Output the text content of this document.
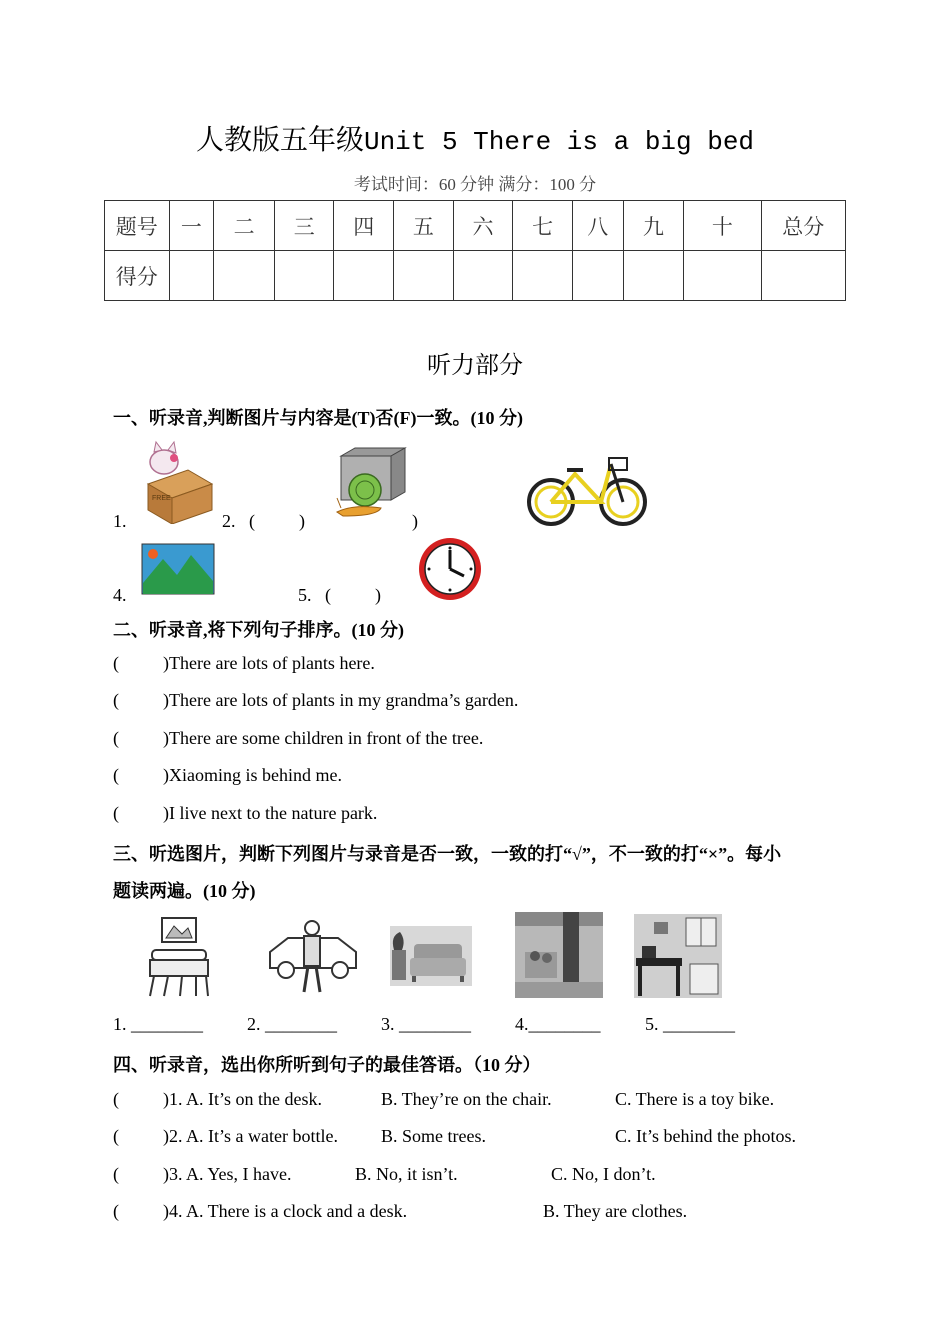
人教版五年级Unit 5 There is a big bed
考试时间：60 分钟 满分：100 分
题号	一	二	三	四	五	六	七	八	九	十	总分
得分											
听力部分
一、听录音,判断图片与内容是(T)否(F)一致。(10 分)
FREE
1.	2. ( )	)
4.	5. ( )
二、听录音,将下列句子排序。(10 分)
( )There are lots of plants here.
( )There are lots of plants in my grandma’s garden.
( )There are some children in front of the tree.
( )Xiaoming is behind me.
( )I live next to the nature park.
三、听选图片，判断下列图片与录音是否一致，一致的打“√”，不一致的打“×”。每小
题读两遍。(10 分)
1. ________ 2. ________ 3. ________ 4.________ 5. ________
四、听录音，选出你所听到句子的最佳答语。（10 分）
( )1. A. It’s on the desk.	B. They’re on the chair.	C. There is a toy bike.
( )2. A. It’s a water bottle. B. Some trees.	C. It’s behind the photos.
( )3. A. Yes, I have.	B. No, it isn’t.	C. No, I don’t.
( )4. A. There is a clock and a desk.	B. They are clothes.
